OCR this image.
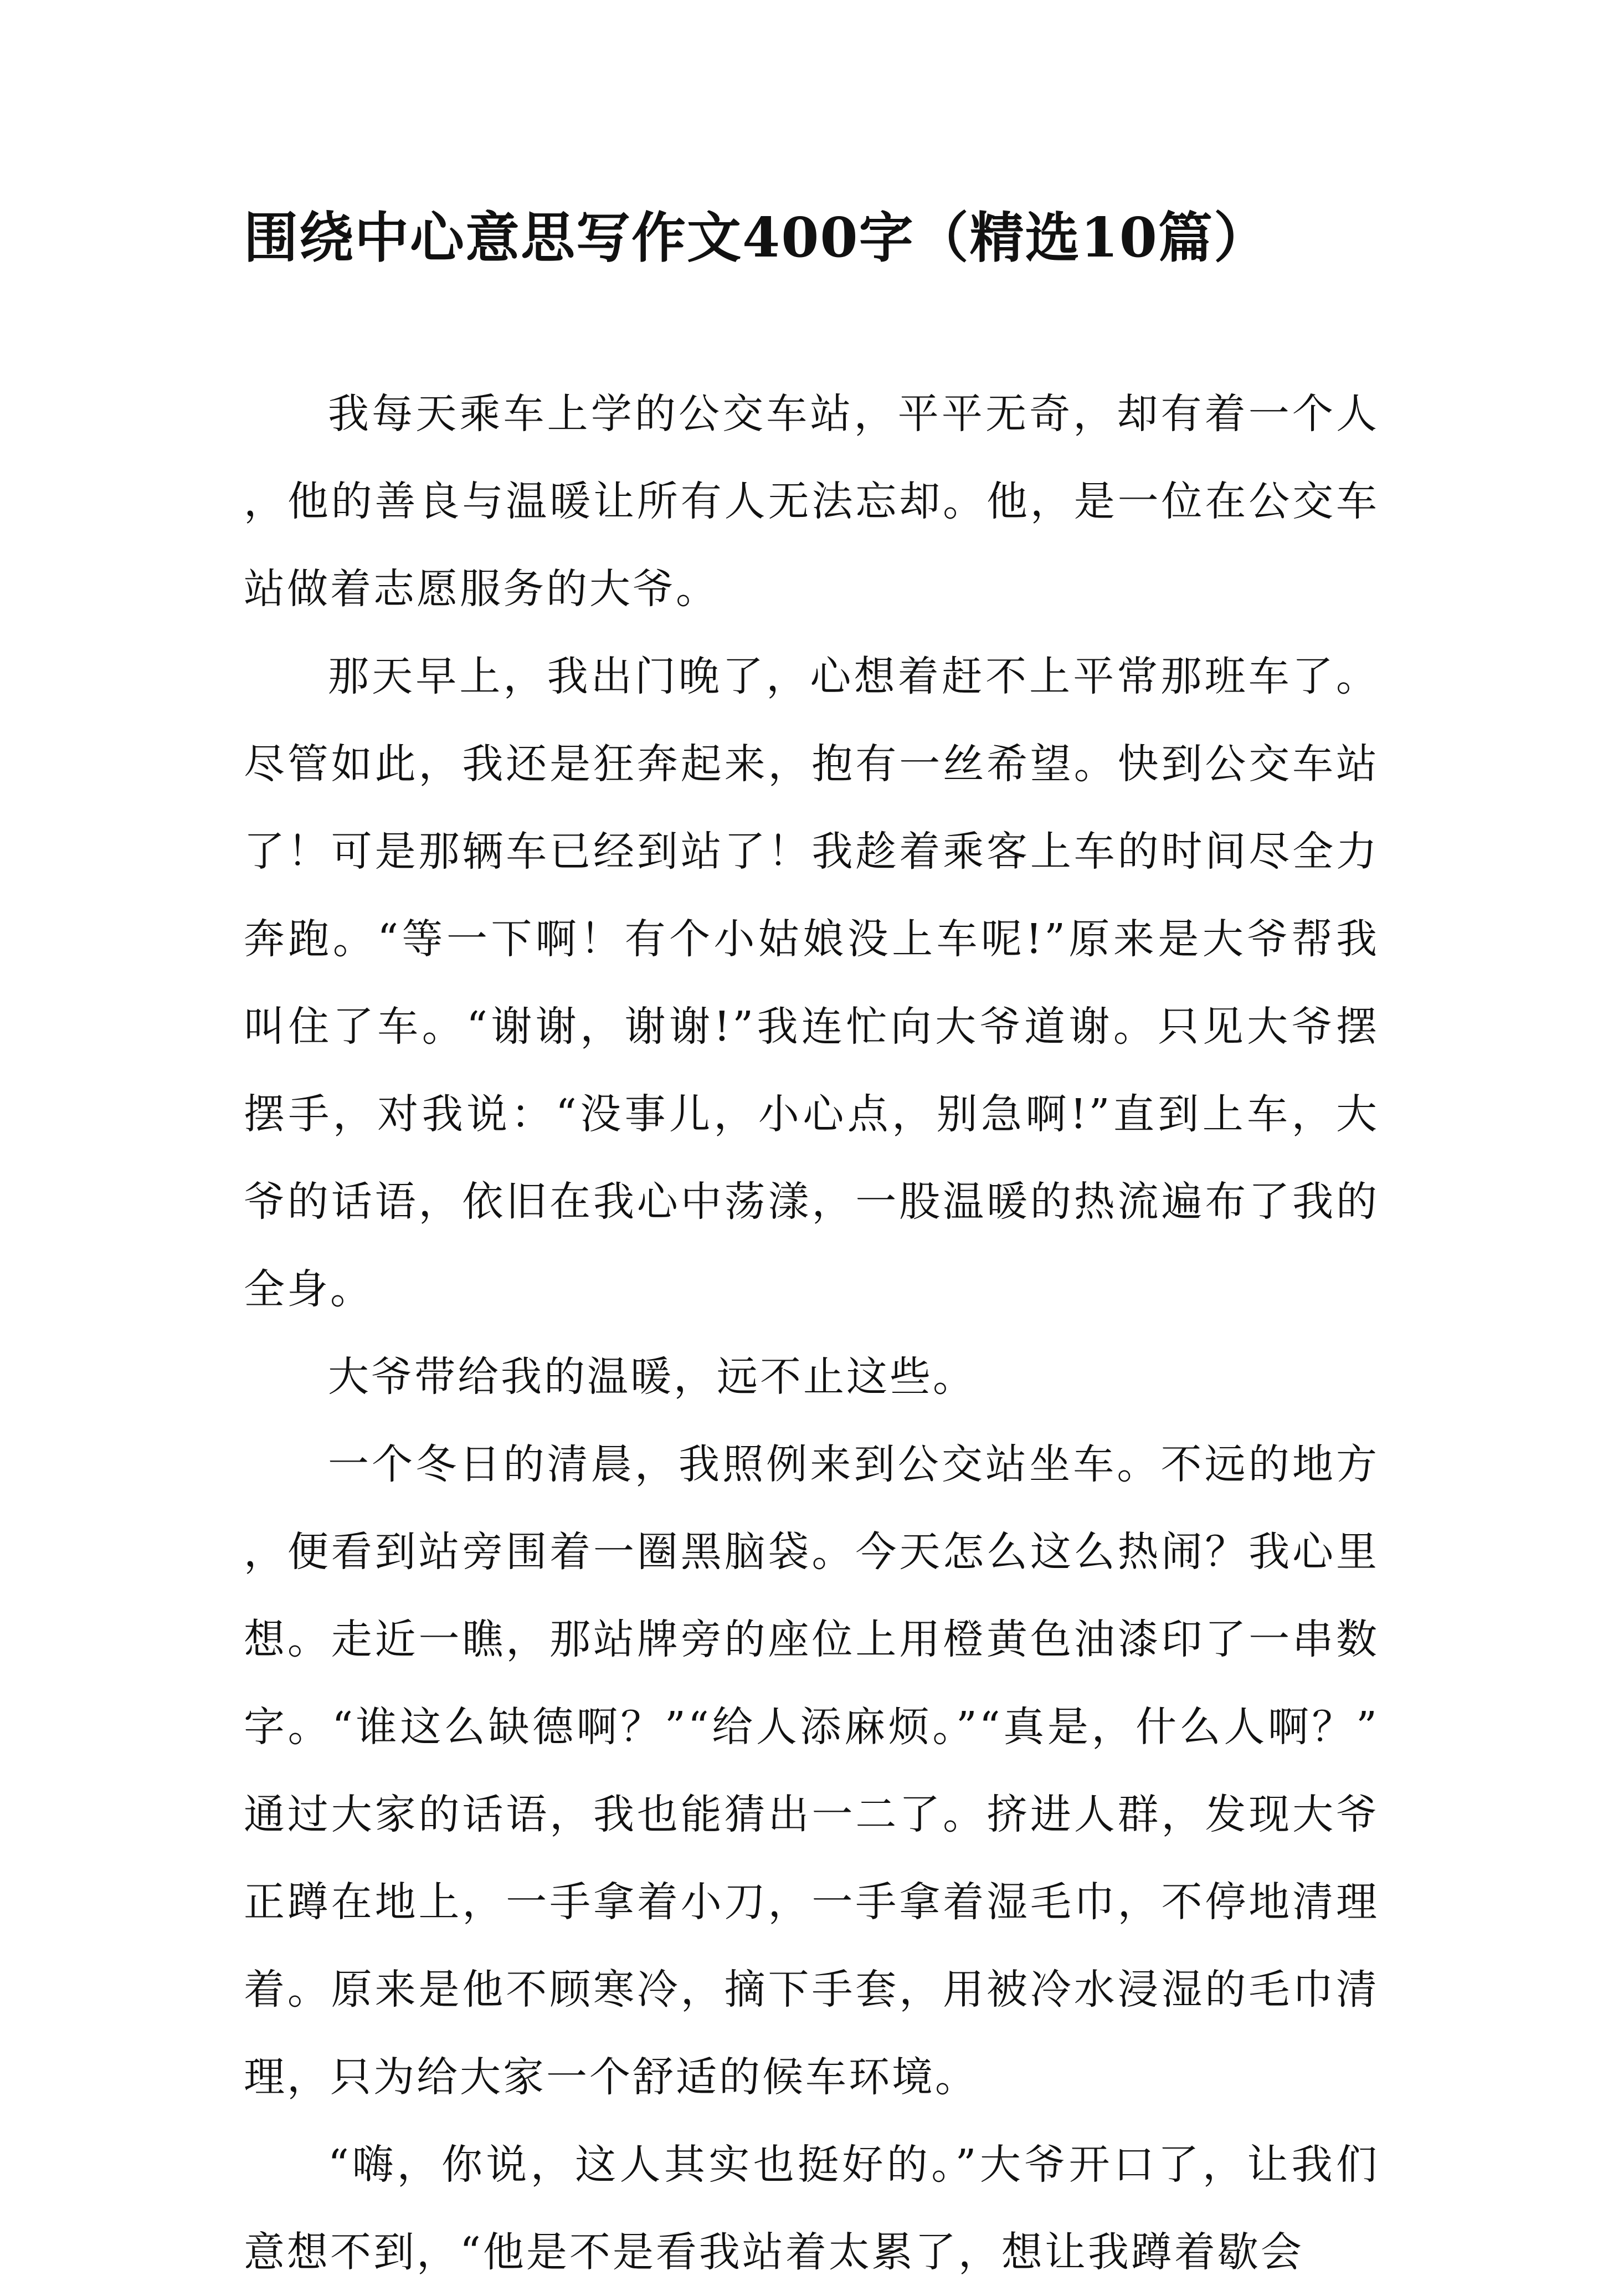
围绕中心意思写作文400字（精选10篇）

我每天乘车上学的公交车站，平平无奇，却有着一个人，他的善良与温暖让所有人无法忘却。他，是一位在公交车站做着志愿服务的大爷。

那天早上，我出门晚了，心想着赶不上平常那班车了。尽管如此，我还是狂奔起来，抱有一丝希望。快到公交车站了！可是那辆车已经到站了！我趁着乘客上车的时间尽全力奔跑。“等一下啊！有个小姑娘没上车呢!”原来是大爷帮我叫住了车。“谢谢，谢谢!”我连忙向大爷道谢。只见大爷摆摆手，对我说：“没事儿，小心点，别急啊!”直到上车，大爷的话语，依旧在我心中荡漾，一股温暖的热流遍布了我的全身。

大爷带给我的温暖，远不止这些。

一个冬日的清晨，我照例来到公交站坐车。不远的地方，便看到站旁围着一圈黑脑袋。今天怎么这么热闹？我心里想。走近一瞧，那站牌旁的座位上用橙黄色油漆印了一串数字。“谁这么缺德啊？”“给人添麻烦。”“真是，什么人啊？”通过大家的话语，我也能猜出一二了。挤进人群，发现大爷正蹲在地上，一手拿着小刀，一手拿着湿毛巾，不停地清理着。原来是他不顾寒冷，摘下手套，用被冷水浸湿的毛巾清理，只为给大家一个舒适的候车环境。

“嗨，你说，这人其实也挺好的。”大爷开口了，让我们意想不到，“他是不是看我站着太累了，想让我蹲着歇会
